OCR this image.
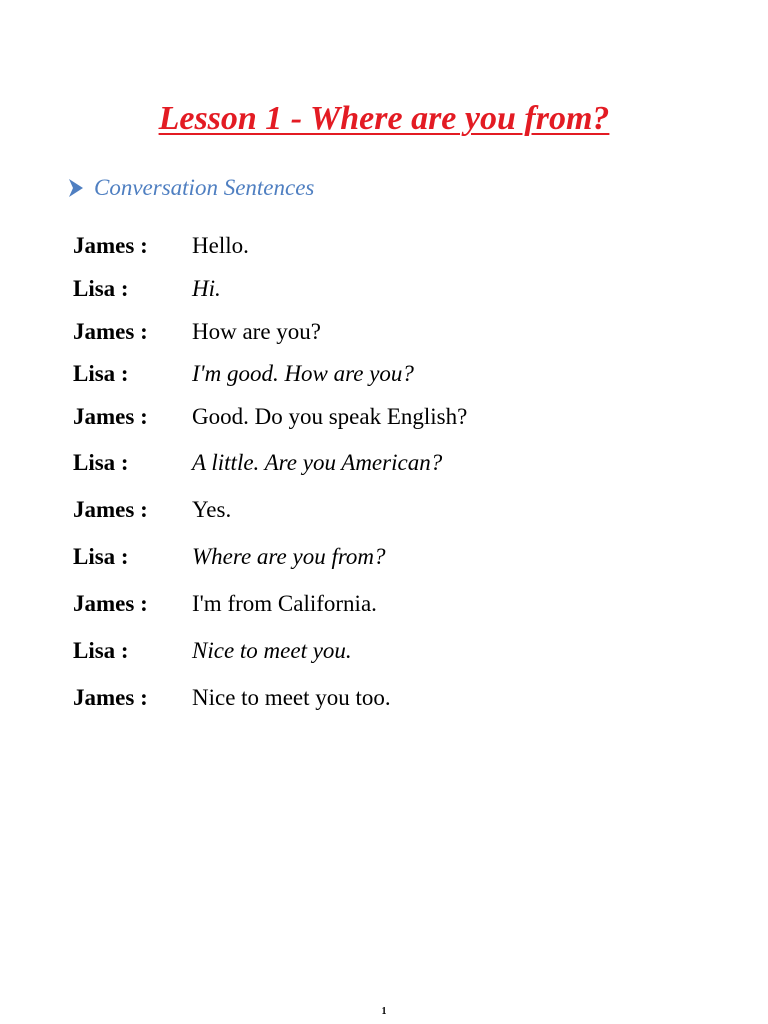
Lesson 1 - Where are you from?
Conversation Sentences
James : Hello.
Lisa :	Hi.
James : How are you?
Lisa :	I'm good. How are you?
James : Good. Do you speak English?
Lisa :	A little. Are you American?
James : Yes.
Lisa :	Where are you from?
James : I'm from California.
Lisa :	Nice to meet you.
James : Nice to meet you too.
1
